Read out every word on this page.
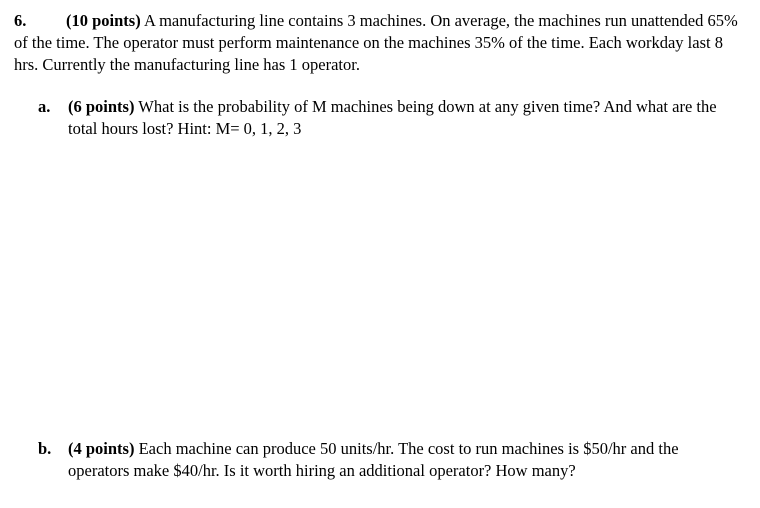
6. (10 points) A manufacturing line contains 3 machines. On average, the machines run unattended 65% of the time. The operator must perform maintenance on the machines 35% of the time. Each workday last 8 hrs. Currently the manufacturing line has 1 operator.
a. (6 points) What is the probability of M machines being down at any given time? And what are the total hours lost? Hint: M= 0, 1, 2, 3
b. (4 points) Each machine can produce 50 units/hr. The cost to run machines is $50/hr and the operators make $40/hr. Is it worth hiring an additional operator? How many?
